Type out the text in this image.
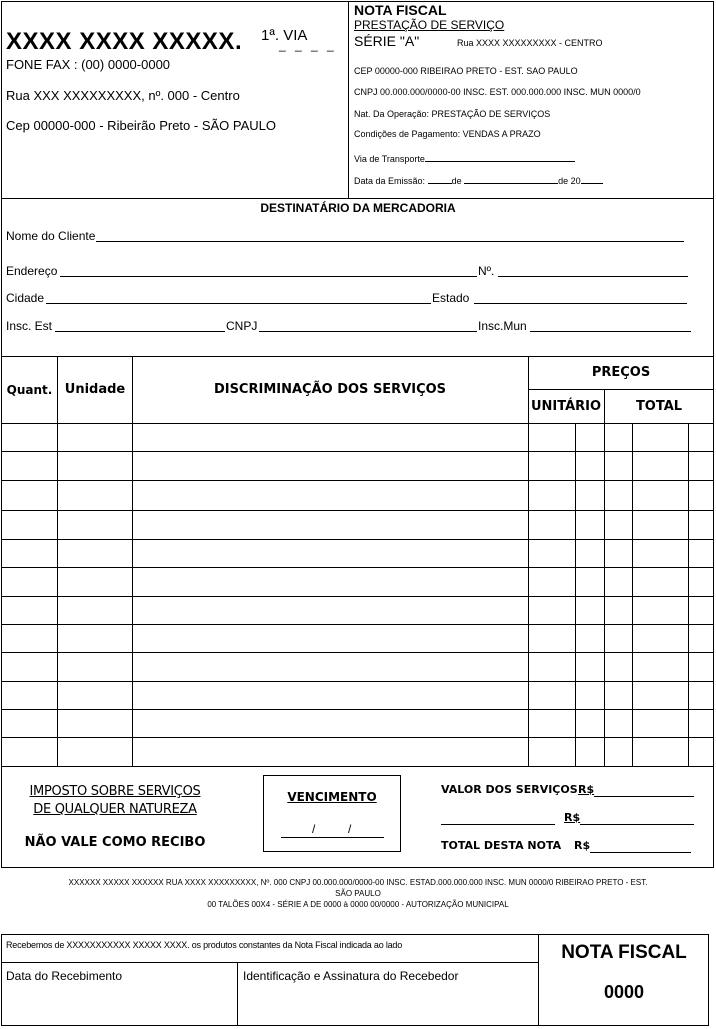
XXXX XXXX XXXXX. 1ª. VIA
_ _ _ _
FONE FAX : (00) 0000-0000
Rua XXX XXXXXXXXX, nº. 000 - Centro
Cep 00000-000 - Ribeirão Preto - SÃO PAULO
NOTA FISCAL
PRESTAÇÃO DE SERVIÇO
SÉRIE "A"	Rua XXXX XXXXXXXXX - CENTRO
CEP 00000-000 RIBEIRAO PRETO - EST. SAO PAULO
CNPJ 00.000.000/0000-00 INSC. EST. 000.000.000 INSC. MUN 0000/0
Nat. Da Operação: PRESTAÇÃO DE SERVIÇOS
Condições de Pagamento: VENDAS A PRAZO
Via de Transporte
Data da Emissão:	de	de 20
DESTINATÁRIO DA MERCADORIA
Nome do Cliente
Endereço	Nº.
Cidade	Estado
Insc. Est	CNPJ	Insc.Mun
Quant. Unidade	DISCRIMINAÇÃO DOS SERVIÇOS
PREÇOS
UNITÁRIO	TOTAL
IMPOSTO SOBRE SERVIÇOS
DE QUALQUER NATUREZA
NÃO VALE COMO RECIBO
VENCIMENTO
/	/
VALOR DOS SERVIÇOS R$
R$
TOTAL DESTA NOTA R$
XXXXXX XXXXX XXXXXX RUA XXXX XXXXXXXXX, Nº. 000 CNPJ 00.000.000/0000-00 INSC. ESTAD.000.000.000 INSC. MUN 0000/0 RIBEIRAO PRETO - EST.
SÃO PAULO
00 TALÕES 00X4 - SÉRIE A DE 0000 à 0000 00/0000 - AUTORIZAÇÃO MUNICIPAL
Recebemos de XXXXXXXXXXX XXXXX XXXX. os produtos constantes da Nota Fiscal indicada ao lado
Data do Recebimento	Identificação e Assinatura do Recebedor
NOTA FISCAL
0000
